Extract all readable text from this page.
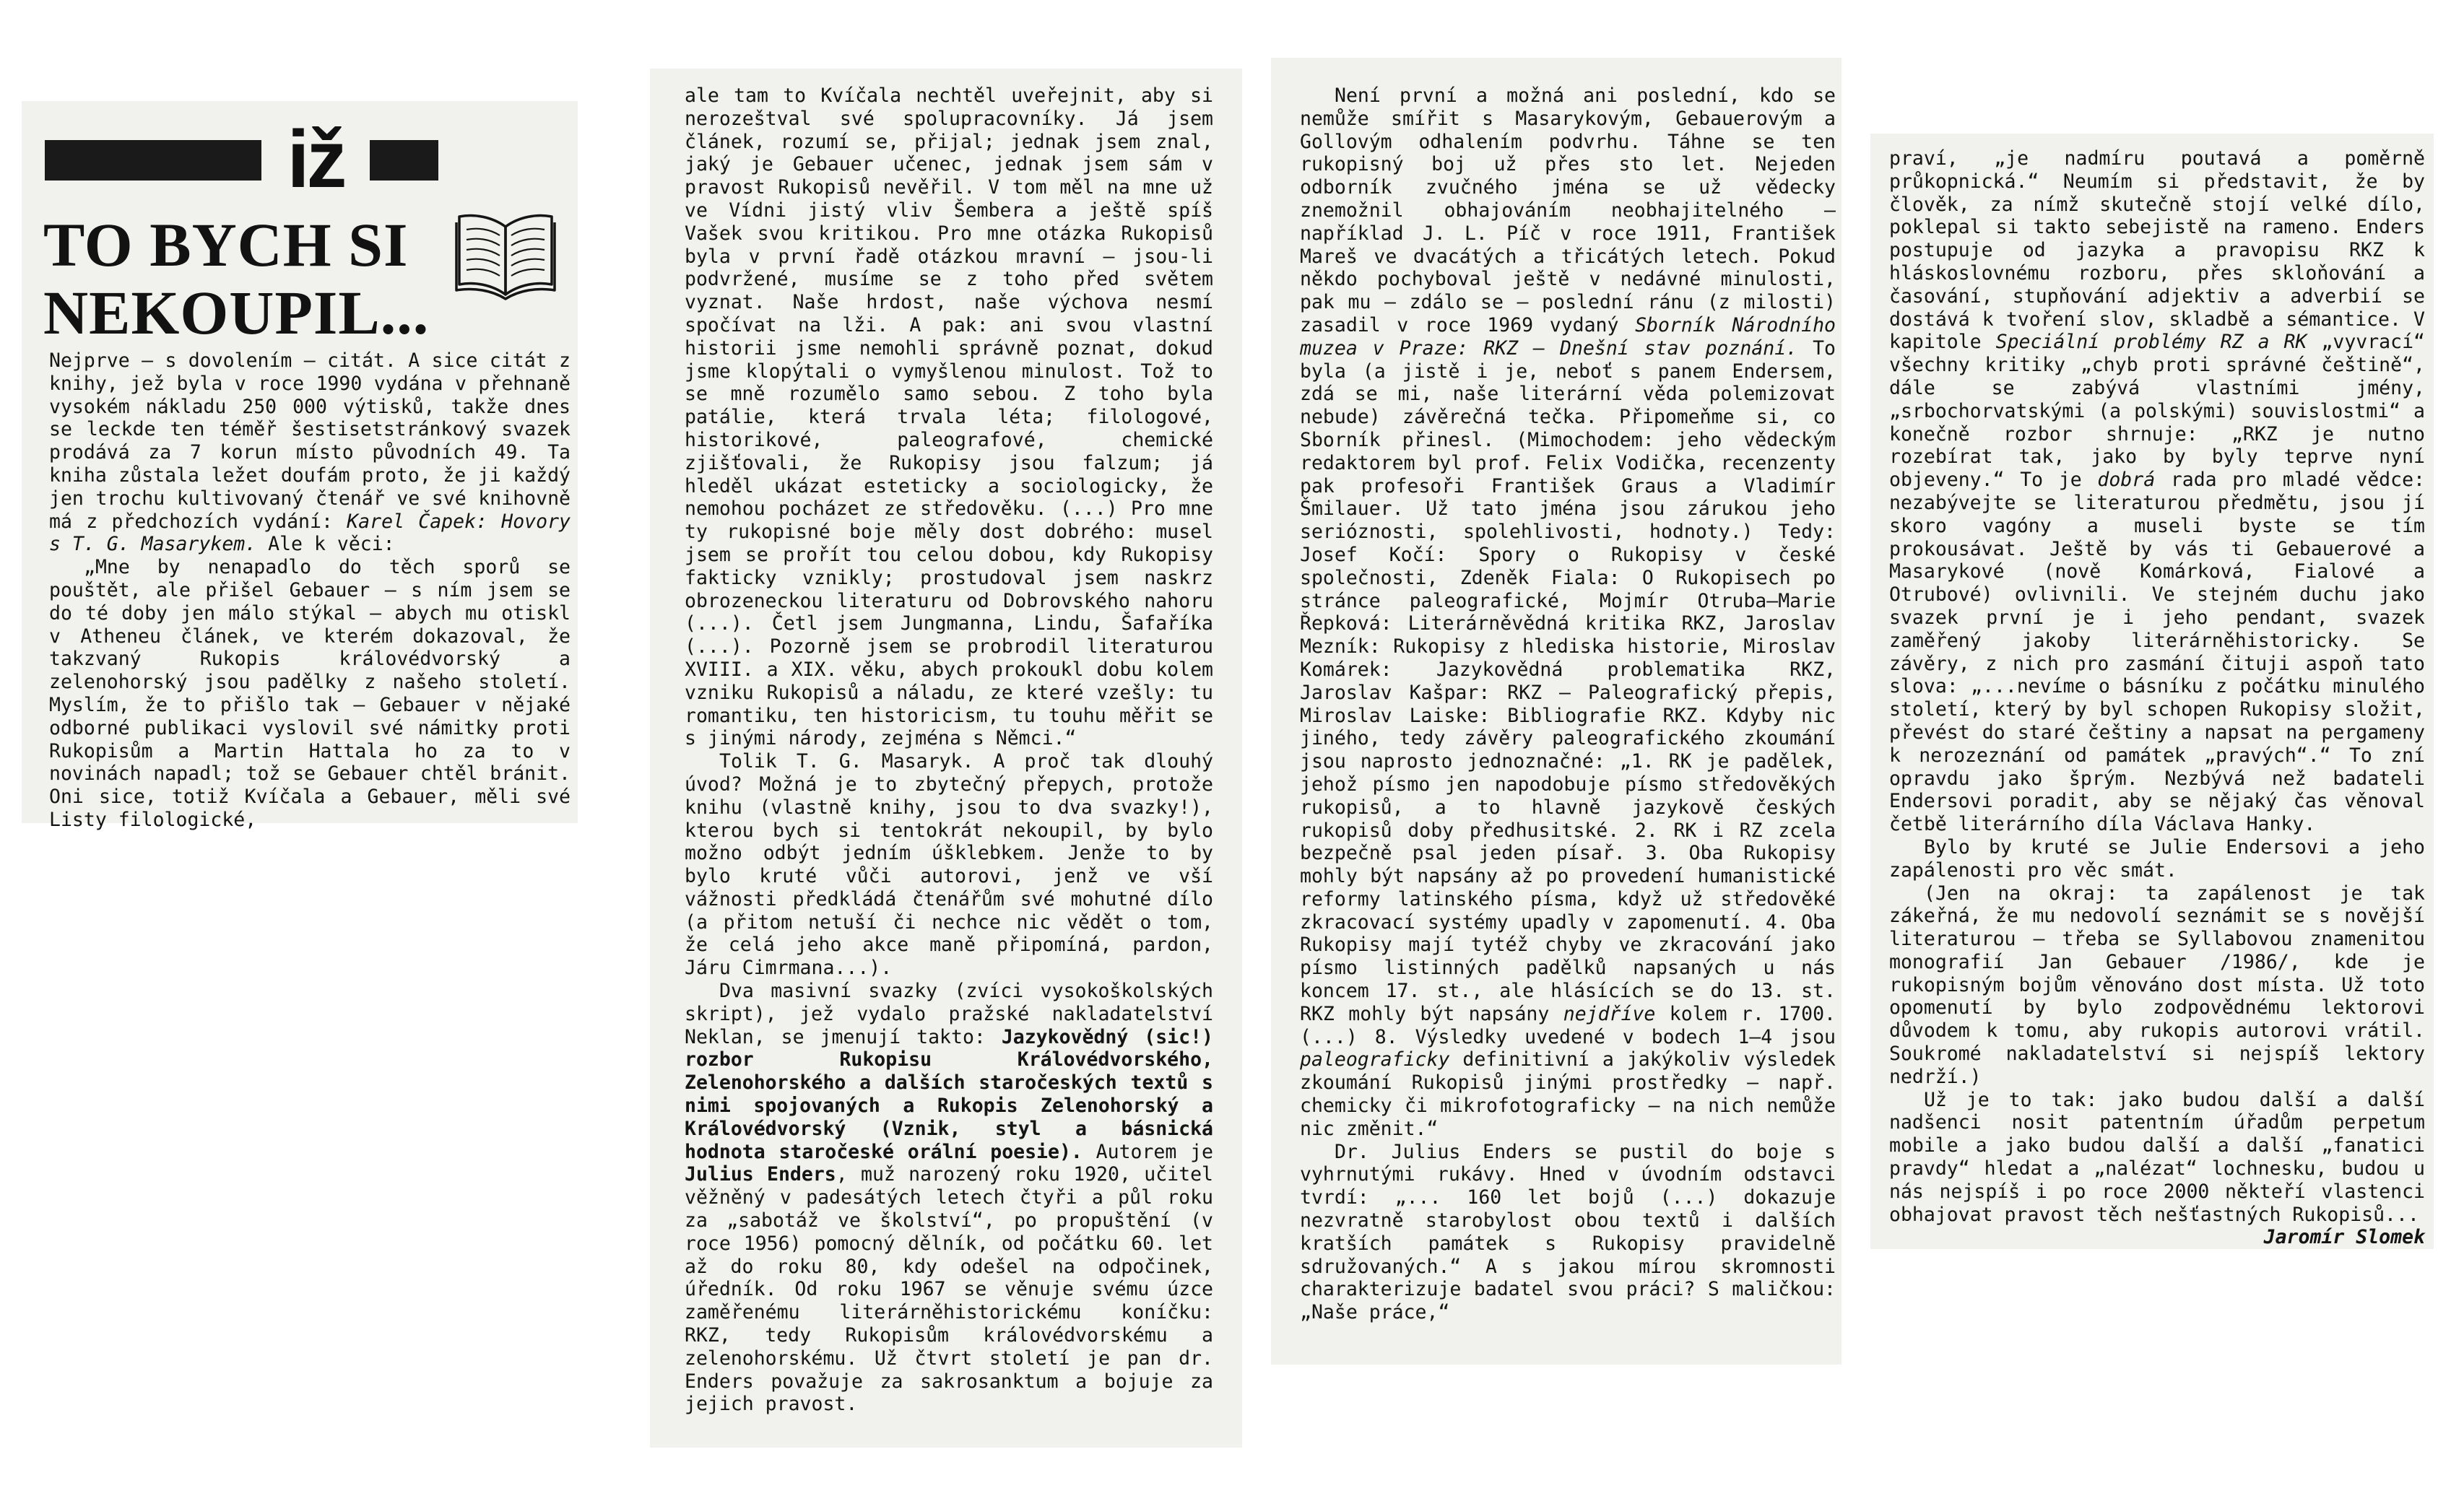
iž
TO BYCH SI
NEKOUPIL...

Nejprve – s dovolením – citát. A sice citát z knihy, jež byla v roce 1990 vydána v přehnaně vysokém nákladu 250 000 výtisků, takže dnes se leckde ten téměř šestisetstránkový svazek prodává za 7 korun místo původních 49. Ta kniha zůstala ležet doufám proto, že ji každý jen trochu kultivovaný čtenář ve své knihovně má z předchozích vydání: Karel Čapek: Hovory s T. G. Masarykem. Ale k věci:

„Mne by nenapadlo do těch sporů se pouštět, ale přišel Gebauer – s ním jsem se do té doby jen málo stýkal – abych mu otiskl v Atheneu článek, ve kterém dokazoval, že takzvaný Rukopis královédvorský a zelenohorský jsou padělky z našeho století. Myslím, že to přišlo tak – Gebauer v nějaké odborné publikaci vyslovil své námitky proti Rukopisům a Martin Hattala ho za to v novinách napadl; tož se Gebauer chtěl bránit. Oni sice, totiž Kvíčala a Gebauer, měli své Listy filologické,

ale tam to Kvíčala nechtěl uveřejnit, aby si nerozeštval své spolupracovníky. Já jsem článek, rozumí se, přijal; jednak jsem znal, jaký je Gebauer učenec, jednak jsem sám v pravost Rukopisů nevěřil. V tom měl na mne už ve Vídni jistý vliv Šembera a ještě spíš Vašek svou kritikou. Pro mne otázka Rukopisů byla v první řadě otázkou mravní – jsou-li podvržené, musíme se z toho před světem vyznat. Naše hrdost, naše výchova nesmí spočívat na lži. A pak: ani svou vlastní historii jsme nemohli správně poznat, dokud jsme klopýtali o vymyšlenou minulost. Tož to se mně rozumělo samo sebou. Z toho byla patálie, která trvala léta; filologové, historikové, paleografové, chemické zjišťovali, že Rukopisy jsou falzum; já hleděl ukázat esteticky a sociologicky, že nemohou pocházet ze středověku. (...) Pro mne ty rukopisné boje měly dost dobrého: musel jsem se prořít tou celou dobou, kdy Rukopisy fakticky vznikly; prostudoval jsem naskrz obrozeneckou literaturu od Dobrovského nahoru (...). Četl jsem Jungmanna, Lindu, Šafaříka (...). Pozorně jsem se probrodil literaturou XVIII. a XIX. věku, abych prokoukl dobu kolem vzniku Rukopisů a náladu, ze které vzešly: tu romantiku, ten historicism, tu touhu měřit se s jinými národy, zejména s Němci.“

Tolik T. G. Masaryk. A proč tak dlouhý úvod? Možná je to zbytečný přepych, protože knihu (vlastně knihy, jsou to dva svazky!), kterou bych si tentokrát nekoupil, by bylo možno odbýt jedním úšklebkem. Jenže to by bylo kruté vůči autorovi, jenž ve vší vážnosti předkládá čtenářům své mohutné dílo (a přitom netuší či nechce nic vědět o tom, že celá jeho akce maně připomíná, pardon, Járu Cimrmana...).

Dva masivní svazky (zvíci vysokoškolských skript), jež vydalo pražské nakladatelství Neklan, se jmenují takto: Jazykovědný (sic!) rozbor Rukopisu Královédvorského, Zelenohorského a dalších staročeských textů s nimi spojovaných a Rukopis Zelenohorský a Královédvorský (Vznik, styl a básnická hodnota staročeské orální poesie). Autorem je Julius Enders, muž narozený roku 1920, učitel věžněný v padesátých letech čtyři a půl roku za „sabotáž ve školství“, po propuštění (v roce 1956) pomocný dělník, od počátku 60. let až do roku 80, kdy odešel na odpočinek, úředník. Od roku 1967 se věnuje svému úzce zaměřenému literárněhistorickému koníčku: RKZ, tedy Rukopisům královédvorskému a zelenohorskému. Už čtvrt století je pan dr. Enders považuje za sakrosanktum a bojuje za jejich pravost.

Není první a možná ani poslední, kdo se nemůže smířit s Masarykovým, Gebauerovým a Gollovým odhalením podvrhu. Táhne se ten rukopisný boj už přes sto let. Nejeden odborník zvučného jména se už vědecky znemožnil obhajováním neobhajitelného – například J. L. Píč v roce 1911, František Mareš ve dvacátých a třicátých letech. Pokud někdo pochyboval ještě v nedávné minulosti, pak mu – zdálo se – poslední ránu (z milosti) zasadil v roce 1969 vydaný Sborník Národního muzea v Praze: RKZ – Dnešní stav poznání. To byla (a jistě i je, neboť s panem Endersem, zdá se mi, naše literární věda polemizovat nebude) závěrečná tečka. Připomeňme si, co Sborník přinesl. (Mimochodem: jeho vědeckým redaktorem byl prof. Felix Vodička, recenzenty pak profesoři František Graus a Vladimír Šmilauer. Už tato jména jsou zárukou jeho serióznosti, spolehlivosti, hodnoty.) Tedy: Josef Kočí: Spory o Rukopisy v české společnosti, Zdeněk Fiala: O Rukopisech po stránce paleografické, Mojmír Otruba–Marie Řepková: Literárněvědná kritika RKZ, Jaroslav Mezník: Rukopisy z hlediska historie, Miroslav Komárek: Jazykovědná problematika RKZ, Jaroslav Kašpar: RKZ – Paleografický přepis, Miroslav Laiske: Bibliografie RKZ. Kdyby nic jiného, tedy závěry paleografického zkoumání jsou naprosto jednoznačné: „1. RK je padělek, jehož písmo jen napodobuje písmo středověkých rukopisů, a to hlavně jazykově českých rukopisů doby předhusitské. 2. RK i RZ zcela bezpečně psal jeden písař. 3. Oba Rukopisy mohly být napsány až po provedení humanistické reformy latinského písma, když už středověké zkracovací systémy upadly v zapomenutí. 4. Oba Rukopisy mají tytéž chyby ve zkracování jako písmo listinných padělků napsaných u nás koncem 17. st., ale hlásících se do 13. st. RKZ mohly být napsány nejdříve kolem r. 1700. (...) 8. Výsledky uvedené v bodech 1–4 jsou paleograficky definitivní a jakýkoliv výsledek zkoumání Rukopisů jinými prostředky – např. chemicky či mikrofotograficky – na nich nemůže nic změnit.“

Dr. Julius Enders se pustil do boje s vyhrnutými rukávy. Hned v úvodním odstavci tvrdí: „... 160 let bojů (...) dokazuje nezvratně starobylost obou textů i dalších kratších památek s Rukopisy pravidelně sdružovaných.“ A s jakou mírou skromnosti charakterizuje badatel svou práci? S maličkou: „Naše práce,“

praví, „je nadmíru poutavá a poměrně průkopnická.“ Neumím si představit, že by člověk, za nímž skutečně stojí velké dílo, poklepal si takto sebejistě na rameno. Enders postupuje od jazyka a pravopisu RKZ k hláskoslovnému rozboru, přes skloňování a časování, stupňování adjektiv a adverbií se dostává k tvoření slov, skladbě a sémantice. V kapitole Speciální problémy RZ a RK „vyvrací“ všechny kritiky „chyb proti správné češtině“, dále se zabývá vlastními jmény, „srbochorvatskými (a polskými) souvislostmi“ a konečně rozbor shrnuje: „RKZ je nutno rozebírat tak, jako by byly teprve nyní objeveny.“ To je dobrá rada pro mladé vědce: nezabývejte se literaturou předmětu, jsou jí skoro vagóny a museli byste se tím prokousávat. Ještě by vás ti Gebauerové a Masarykové (nově Komárková, Fialové a Otrubové) ovlivnili. Ve stejném duchu jako svazek první je i jeho pendant, svazek zaměřený jakoby literárněhistoricky. Se závěry, z nich pro zasmání čituji aspoň tato slova: „...nevíme o básníku z počátku minulého století, který by byl schopen Rukopisy složit, převést do staré češtiny a napsat na pergameny k nerozeznání od památek „pravých“.“ To zní opravdu jako šprým. Nezbývá než badateli Endersovi poradit, aby se nějaký čas věnoval četbě literárního díla Václava Hanky.

Bylo by kruté se Julie Endersovi a jeho zapálenosti pro věc smát.

(Jen na okraj: ta zapálenost je tak zákeřná, že mu nedovolí seznámit se s novější literaturou – třeba se Syllabovou znamenitou monografií Jan Gebauer /1986/, kde je rukopisným bojům věnováno dost místa. Už toto opomenutí by bylo zodpovědnému lektorovi důvodem k tomu, aby rukopis autorovi vrátil. Soukromé nakladatelství si nejspíš lektory nedrží.)

Už je to tak: jako budou další a další nadšenci nosit patentním úřadům perpetum mobile a jako budou další a další „fanatici pravdy“ hledat a „nalézat“ lochnesku, budou u nás nejspíš i po roce 2000 někteří vlastenci obhajovat pravost těch nešťastných Rukopisů...

Jaromír Slomek
